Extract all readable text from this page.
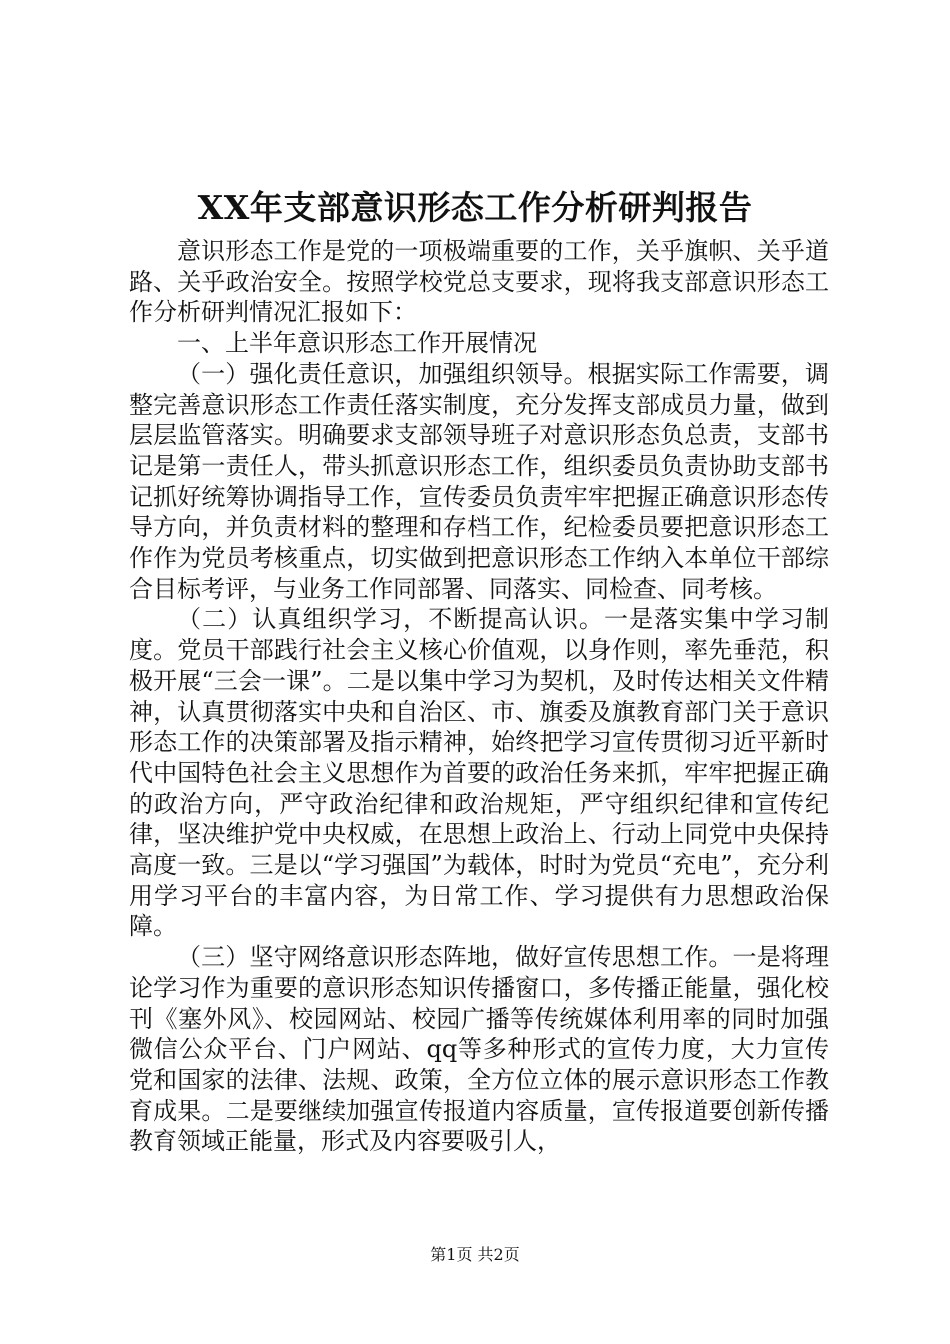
XX年支部意识形态工作分析研判报告

意识形态工作是党的一项极端重要的工作，关乎旗帜、关乎道路、关乎政治安全。按照学校党总支要求，现将我支部意识形态工作分析研判情况汇报如下：

一、上半年意识形态工作开展情况

（一）强化责任意识，加强组织领导。根据实际工作需要，调整完善意识形态工作责任落实制度，充分发挥支部成员力量，做到层层监管落实。明确要求支部领导班子对意识形态负总责，支部书记是第一责任人，带头抓意识形态工作，组织委员负责协助支部书记抓好统筹协调指导工作，宣传委员负责牢牢把握正确意识形态传导方向，并负责材料的整理和存档工作，纪检委员要把意识形态工作作为党员考核重点，切实做到把意识形态工作纳入本单位干部综合目标考评，与业务工作同部署、同落实、同检查、同考核。

（二）认真组织学习，不断提高认识。一是落实集中学习制度。党员干部践行社会主义核心价值观，以身作则，率先垂范，积极开展“三会一课”。二是以集中学习为契机，及时传达相关文件精神，认真贯彻落实中央和自治区、市、旗委及旗教育部门关于意识形态工作的决策部署及指示精神，始终把学习宣传贯彻习近平新时代中国特色社会主义思想作为首要的政治任务来抓，牢牢把握正确的政治方向，严守政治纪律和政治规矩，严守组织纪律和宣传纪律，坚决维护党中央权威，在思想上政治上、行动上同党中央保持高度一致。三是以“学习强国”为载体，时时为党员“充电”，充分利用学习平台的丰富内容，为日常工作、学习提供有力思想政治保障。

（三）坚守网络意识形态阵地，做好宣传思想工作。一是将理论学习作为重要的意识形态知识传播窗口，多传播正能量，强化校刊《塞外风》、校园网站、校园广播等传统媒体利用率的同时加强微信公众平台、门户网站、qq等多种形式的宣传力度，大力宣传党和国家的法律、法规、政策，全方位立体的展示意识形态工作教育成果。二是要继续加强宣传报道内容质量，宣传报道要创新传播教育领域正能量，形式及内容要吸引人，

第1页 共2页
